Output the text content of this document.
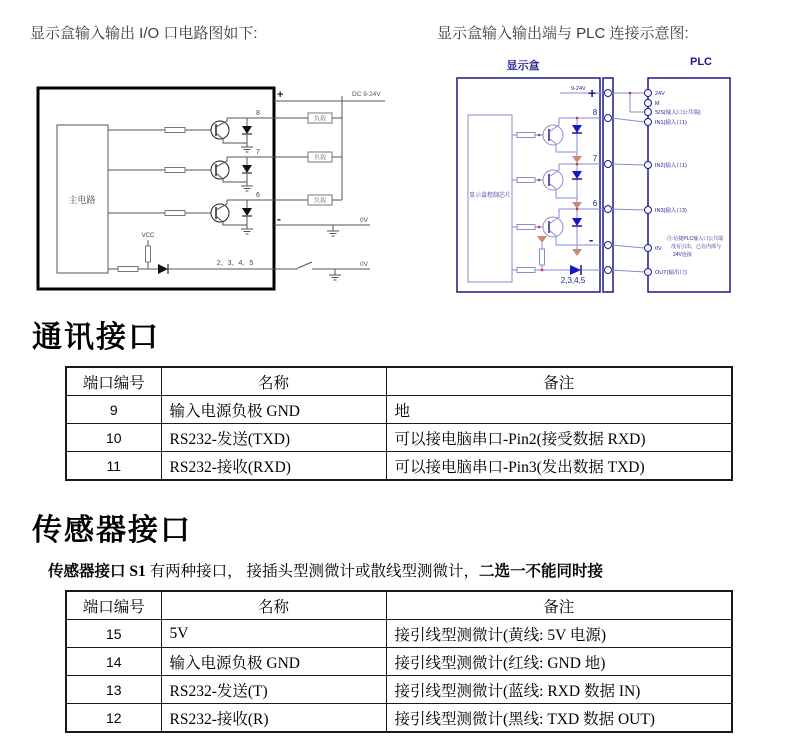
显示盒输入输出 I/O 口电路图如下:	显示盒输入输出端与 PLC 连接示意图:
主电路
+	DC 9-24V
8
负载
7
负载
6
负载
-	0V
VCC
2、3、4、5	0V
显示盒	PLC
显示盒控制芯片
9-24V +
8
7
6
-
2,3,4,5
24V
M
S/S(输入口公共端)
IN1(输入口1)
IN2(输入口1)
IN3(输入口3)
0V
OUT(输出口)
注:信捷PLC输入口公共端
没有引出，已在内部与
24V连接
通讯接口
端口编号	名称	备注
9	输入电源负极 GND	地
10	RS232-发送(TXD)	可以接电脑串口-Pin2(接受数据 RXD)
11	RS232-接收(RXD)	可以接电脑串口-Pin3(发出数据 TXD)
传感器接口
传感器接口 S1 有两种接口， 接插头型测微计或散线型测微计，二选一不能同时接
端口编号	名称	备注
15	5V	接引线型测微计(黄线: 5V 电源)
14	输入电源负极 GND	接引线型测微计(红线: GND 地)
13	RS232-发送(T)	接引线型测微计(蓝线: RXD 数据 IN)
12	RS232-接收(R)	接引线型测微计(黑线: TXD 数据 OUT)
